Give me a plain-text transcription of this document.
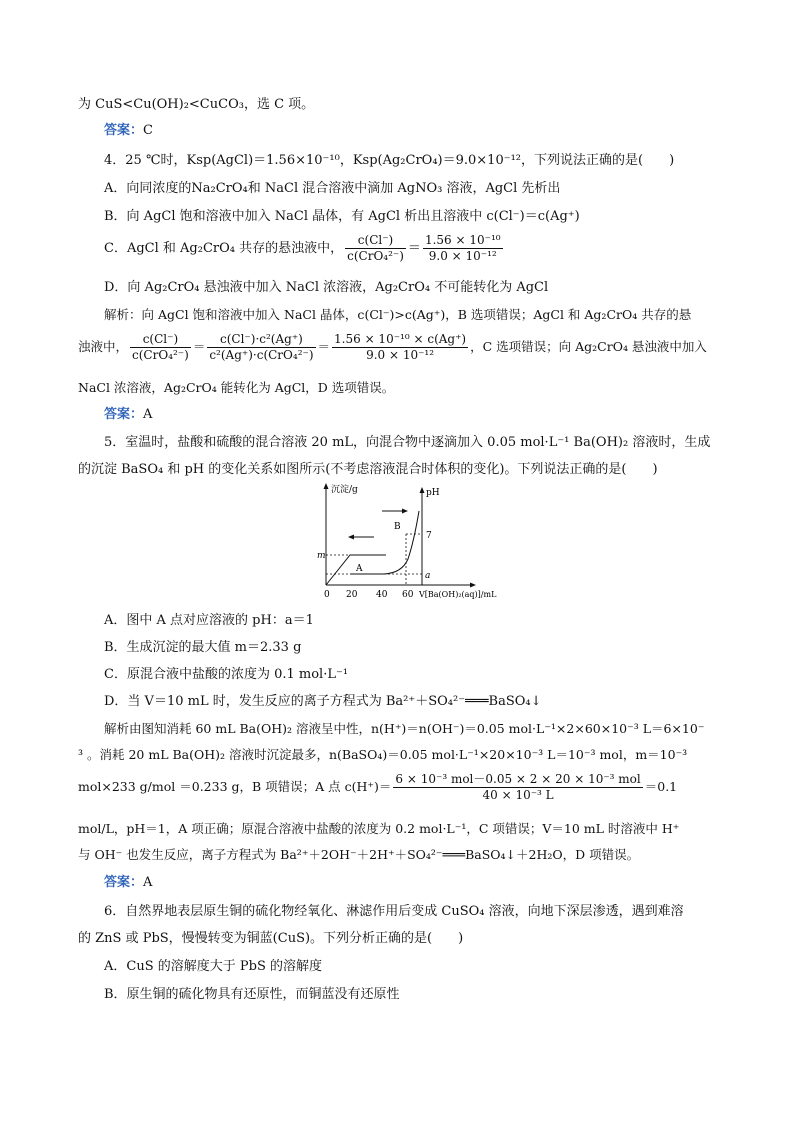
为 CuS<Cu(OH)₂<CuCO₃，选 C 项。
答案：C
4．25 ℃时，Ksp(AgCl)＝1.56×10⁻¹⁰，Ksp(Ag₂CrO₄)＝9.0×10⁻¹²，下列说法正确的是(　　)
A．向同浓度的Na₂CrO₄和 NaCl 混合溶液中滴加 AgNO₃ 溶液，AgCl 先析出
B．向 AgCl 饱和溶液中加入 NaCl 晶体，有 AgCl 析出且溶液中 c(Cl⁻)＝c(Ag⁺)
C．AgCl 和 Ag₂CrO₄ 共存的悬浊液中， $\frac{c(Cl^-)}{\text{c(CrO₄²⁻)}} = \frac{\text{1.56 × 10⁻¹⁰}}{\text{9.0 × 10⁻¹²}}$
D．向 Ag₂CrO₄ 悬浊液中加入 NaCl 浓溶液，Ag₂CrO₄ 不可能转化为 AgCl
解析：向 AgCl 饱和溶液中加入 NaCl 晶体，c(Cl⁻)>c(Ag⁺)，B 选项错误；AgCl 和 Ag₂CrO₄ 共存的悬
浊液中， $\frac{c(Cl^-)}{\text{c(CrO₄²⁻)}} = \frac{\text{c(Cl⁻)·c²(Ag⁺)}}{\text{c²(Ag⁺)·c(CrO₄²⁻)}} = \frac{\text{1.56 × 10⁻¹⁰ × c(Ag⁺)}}{\text{9.0 × 10⁻¹²}}$ ，C 选项错误；向 Ag₂CrO₄ 悬浊液中加入
NaCl 浓溶液，Ag₂CrO₄ 能转化为 AgCl，D 选项错误。
答案：A
5．室温时，盐酸和硫酸的混合溶液 20 mL，向混合物中逐滴加入 0.05 mol·L⁻¹ Ba(OH)₂ 溶液时，生成
的沉淀 BaSO₄ 和 pH 的变化关系如图所示(不考虑溶液混合时体积的变化)。下列说法正确的是(　　)
沉淀/g	pH
m
a
7
A
B
0 20 40 60 V[Ba(OH)₂(aq)]/mL
A．图中 A 点对应溶液的 pH：a＝1
B．生成沉淀的最大值 m＝2.33 g
C．原混合液中盐酸的浓度为 0.1 mol·L⁻¹
D．当 V＝10 mL 时，发生反应的离子方程式为 Ba²⁺＋SO₄²⁻═══BaSO₄↓
解析由图知消耗 60 mL Ba(OH)₂ 溶液呈中性，n(H⁺)＝n(OH⁻)＝0.05 mol·L⁻¹×2×60×10⁻³ L＝6×10⁻
³ 。消耗 20 mL Ba(OH)₂ 溶液时沉淀最多，n(BaSO₄)＝0.05 mol·L⁻¹×20×10⁻³ L＝10⁻³ mol，m＝10⁻³
mol×233 g/mol ＝0.233 g，B 项错误；A 点 $c(H^+)= \frac{\text{6 × 10⁻³ mol－0.05 × 2 × 20 × 10⁻³ mol}}{\text{40 × 10⁻³ L}} =0.1$
mol/L，pH＝1，A 项正确；原混合溶液中盐酸的浓度为 0.2 mol·L⁻¹，C 项错误；V＝10 mL 时溶液中 H⁺
与 OH⁻ 也发生反应，离子方程式为 Ba²⁺＋2OH⁻＋2H⁺＋SO₄²⁻═══BaSO₄↓＋2H₂O，D 项错误。
答案：A
6．自然界地表层原生铜的硫化物经氧化、淋滤作用后变成 CuSO₄ 溶液，向地下深层渗透，遇到难溶
的 ZnS 或 PbS，慢慢转变为铜蓝(CuS)。下列分析正确的是(　　)
A．CuS 的溶解度大于 PbS 的溶解度
B．原生铜的硫化物具有还原性，而铜蓝没有还原性
